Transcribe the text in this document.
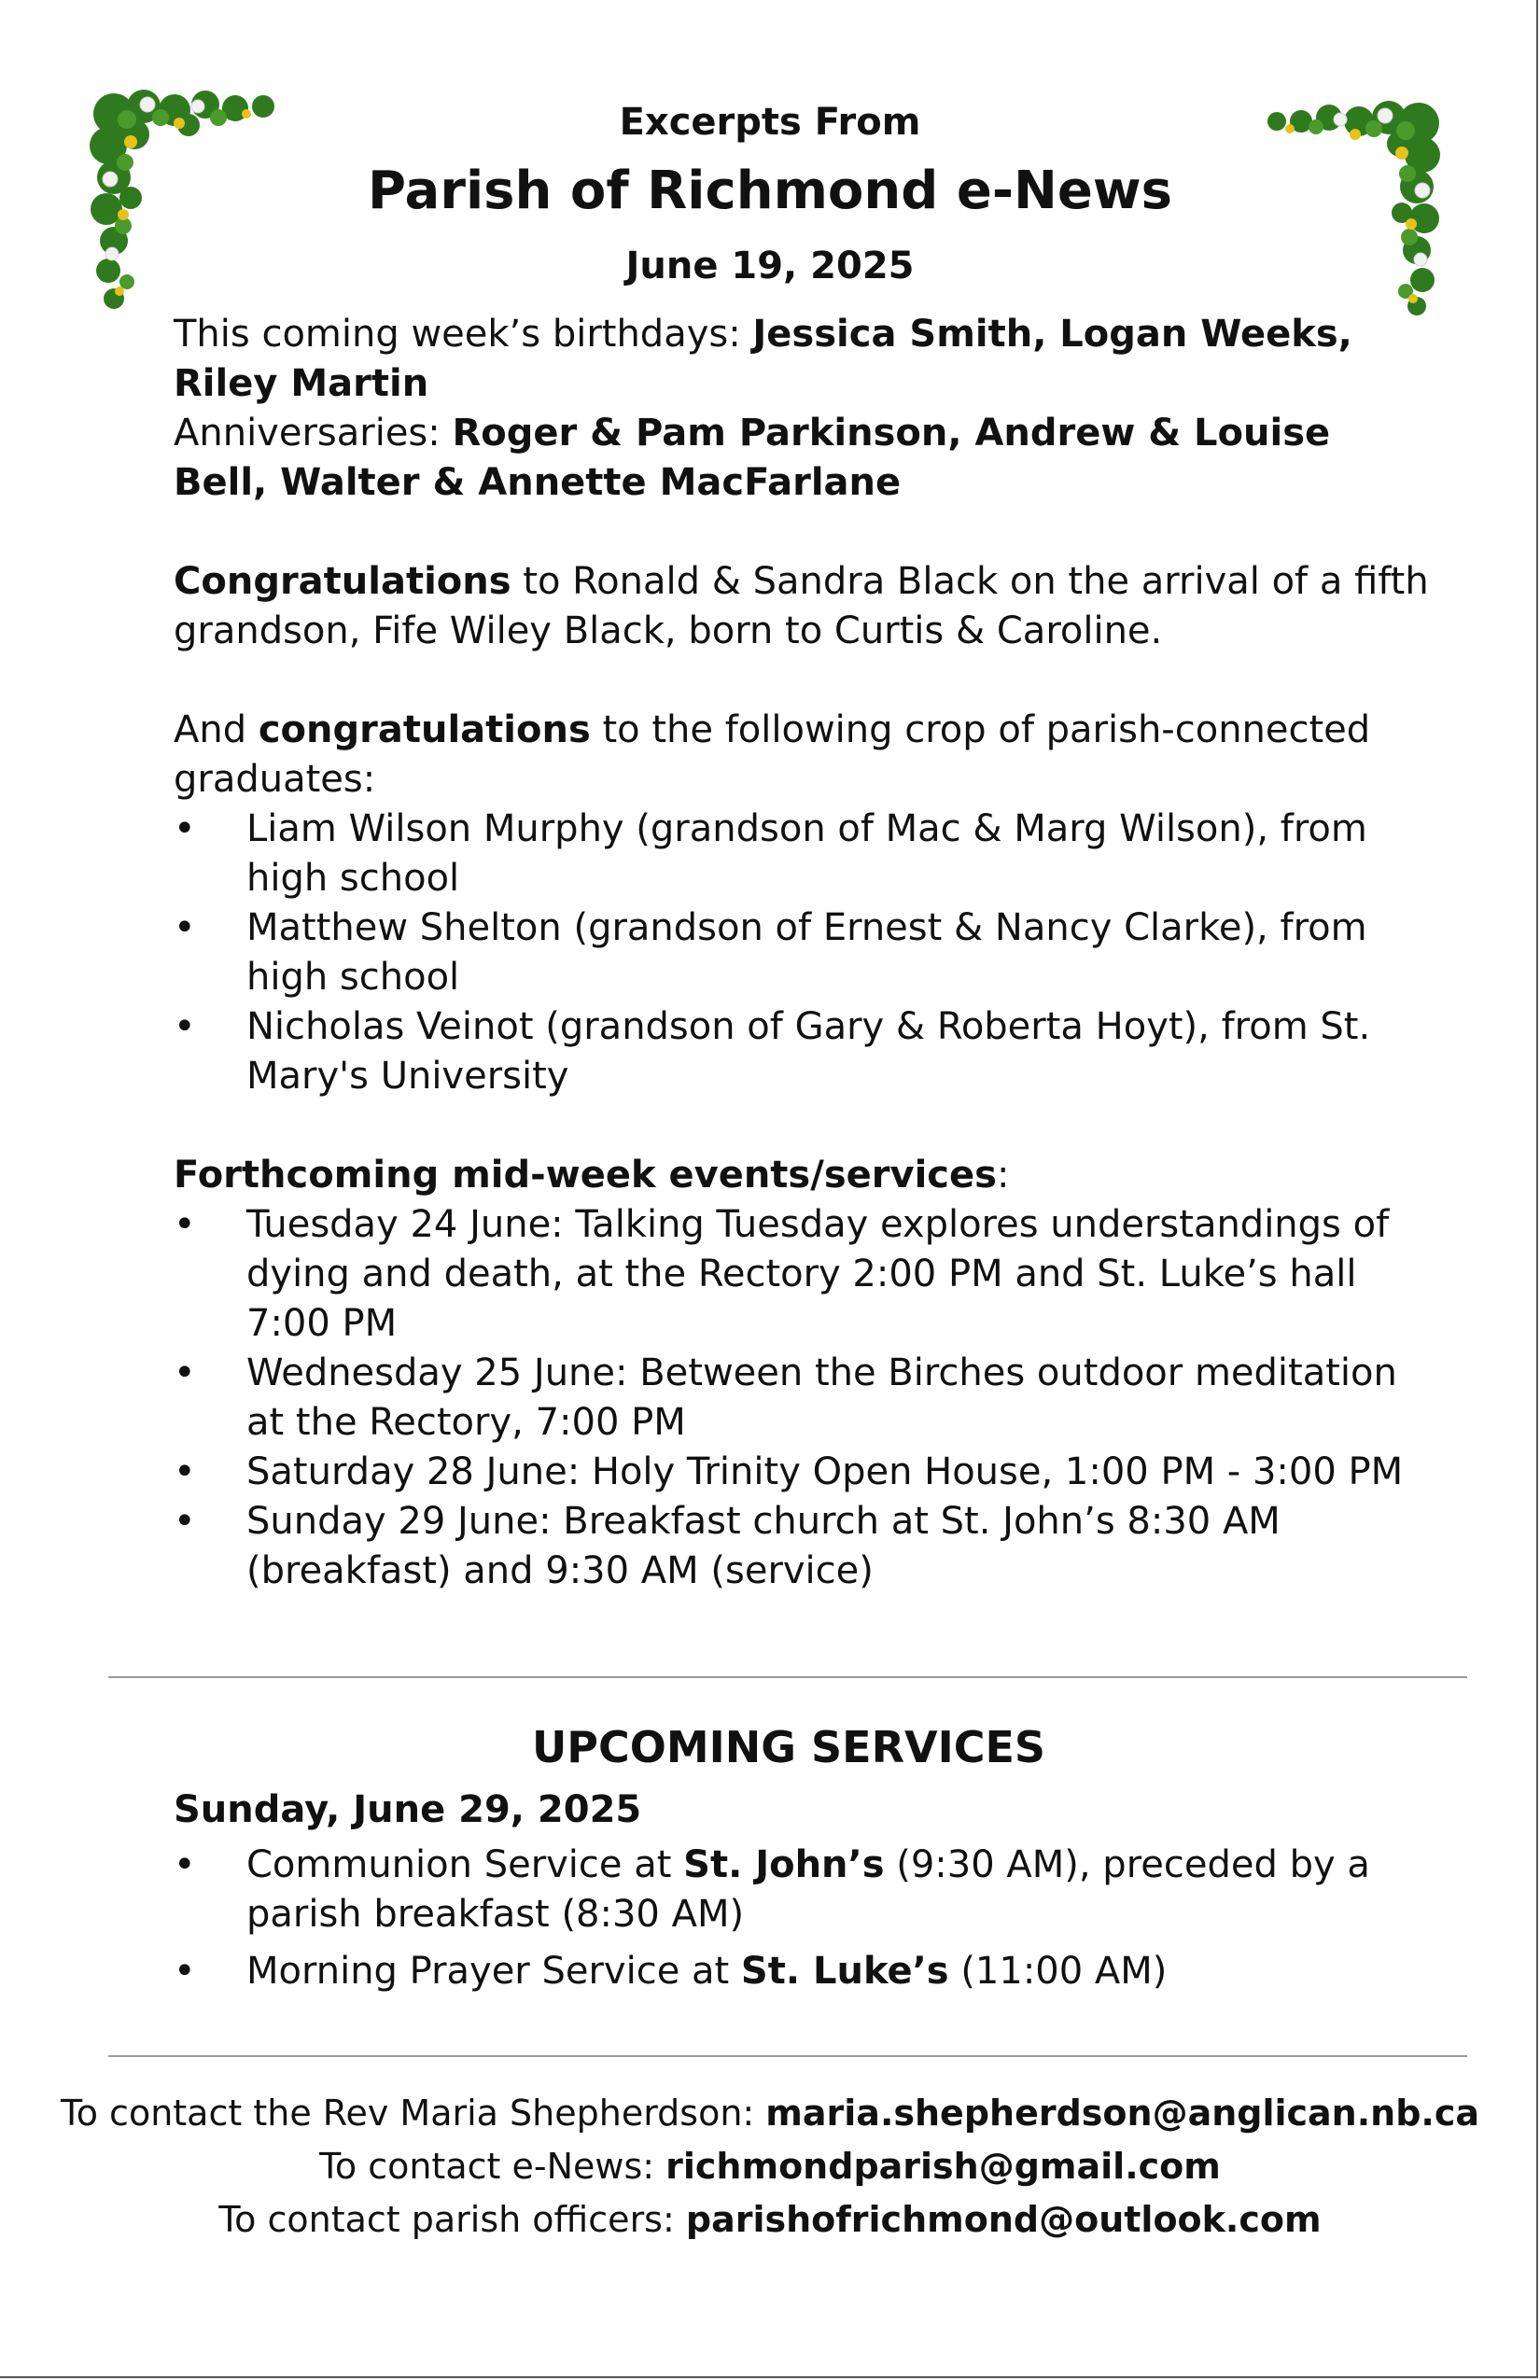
Excerpts From
Parish of Richmond e-News
June 19, 2025

This coming week’s birthdays: Jessica Smith, Logan Weeks, Riley Martin

Anniversaries: Roger & Pam Parkinson, Andrew & Louise Bell, Walter & Annette MacFarlane

Congratulations to Ronald & Sandra Black on the arrival of a fifth grandson, Fife Wiley Black, born to Curtis & Caroline.

And congratulations to the following crop of parish-connected graduates:

• Liam Wilson Murphy (grandson of Mac & Marg Wilson), from high school
• Matthew Shelton (grandson of Ernest & Nancy Clarke), from high school
• Nicholas Veinot (grandson of Gary & Roberta Hoyt), from St. Mary's University

Forthcoming mid-week events/services:

• Tuesday 24 June: Talking Tuesday explores understandings of dying and death, at the Rectory 2:00 PM and St. Luke’s hall 7:00 PM
• Wednesday 25 June: Between the Birches outdoor meditation at the Rectory, 7:00 PM
• Saturday 28 June: Holy Trinity Open House, 1:00 PM - 3:00 PM
• Sunday 29 June: Breakfast church at St. John’s 8:30 AM (breakfast) and 9:30 AM (service)

UPCOMING SERVICES

Sunday, June 29, 2025

• Communion Service at St. John’s (9:30 AM), preceded by a parish breakfast (8:30 AM)
• Morning Prayer Service at St. Luke’s (11:00 AM)

To contact the Rev Maria Shepherdson: maria.shepherdson@anglican.nb.ca

To contact e-News: richmondparish@gmail.com

To contact parish officers: parishofrichmond@outlook.com
